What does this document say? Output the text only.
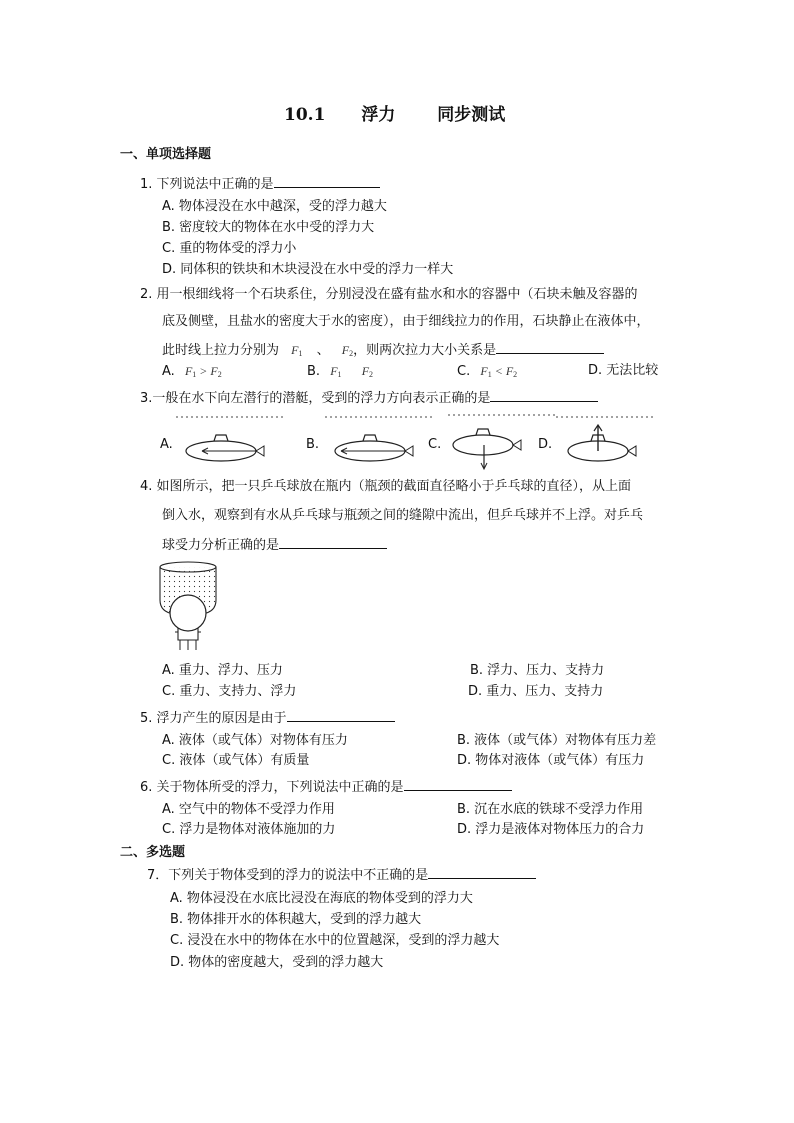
10.1 浮力 同步测试
一、单项选择题
1. 下列说法中正确的是
A. 物体浸没在水中越深，受的浮力越大
B. 密度较大的物体在水中受的浮力大
C. 重的物体受的浮力小
D. 同体积的铁块和木块浸没在水中受的浮力一样大
2. 用一根细线将一个石块系住，分别浸没在盛有盐水和水的容器中（石块未触及容器的
底及侧壁，且盐水的密度大于水的密度），由于细线拉力的作用，石块静止在液体中，
此时线上拉力分别为 $F_1$ 、 $F_2$，则两次拉力大小关系是
A. $F_1 > F_2$	B. $F_1$ $F_2$	C. $F_1 < F_2$	D. 无法比较
3.一般在水下向左潜行的潜艇，受到的浮力方向表示正确的是
A.	B.	C.	D.
4. 如图所示，把一只乒乓球放在瓶内（瓶颈的截面直径略小于乒乓球的直径），从上面
倒入水，观察到有水从乒乓球与瓶颈之间的缝隙中流出，但乒乓球并不上浮。对乒乓
球受力分析正确的是
A. 重力、浮力、压力	B. 浮力、压力、支持力
C. 重力、支持力、浮力	D. 重力、压力、支持力
5. 浮力产生的原因是由于
A. 液体（或气体）对物体有压力	B. 液体（或气体）对物体有压力差
C. 液体（或气体）有质量	D. 物体对液体（或气体）有压力
6. 关于物体所受的浮力，下列说法中正确的是
A. 空气中的物体不受浮力作用	B. 沉在水底的铁球不受浮力作用
C. 浮力是物体对液体施加的力	D. 浮力是液体对物体压力的合力
二、多选题
7．下列关于物体受到的浮力的说法中不正确的是
A. 物体浸没在水底比浸没在海底的物体受到的浮力大
B. 物体排开水的体积越大，受到的浮力越大
C. 浸没在水中的物体在水中的位置越深，受到的浮力越大
D. 物体的密度越大，受到的浮力越大
